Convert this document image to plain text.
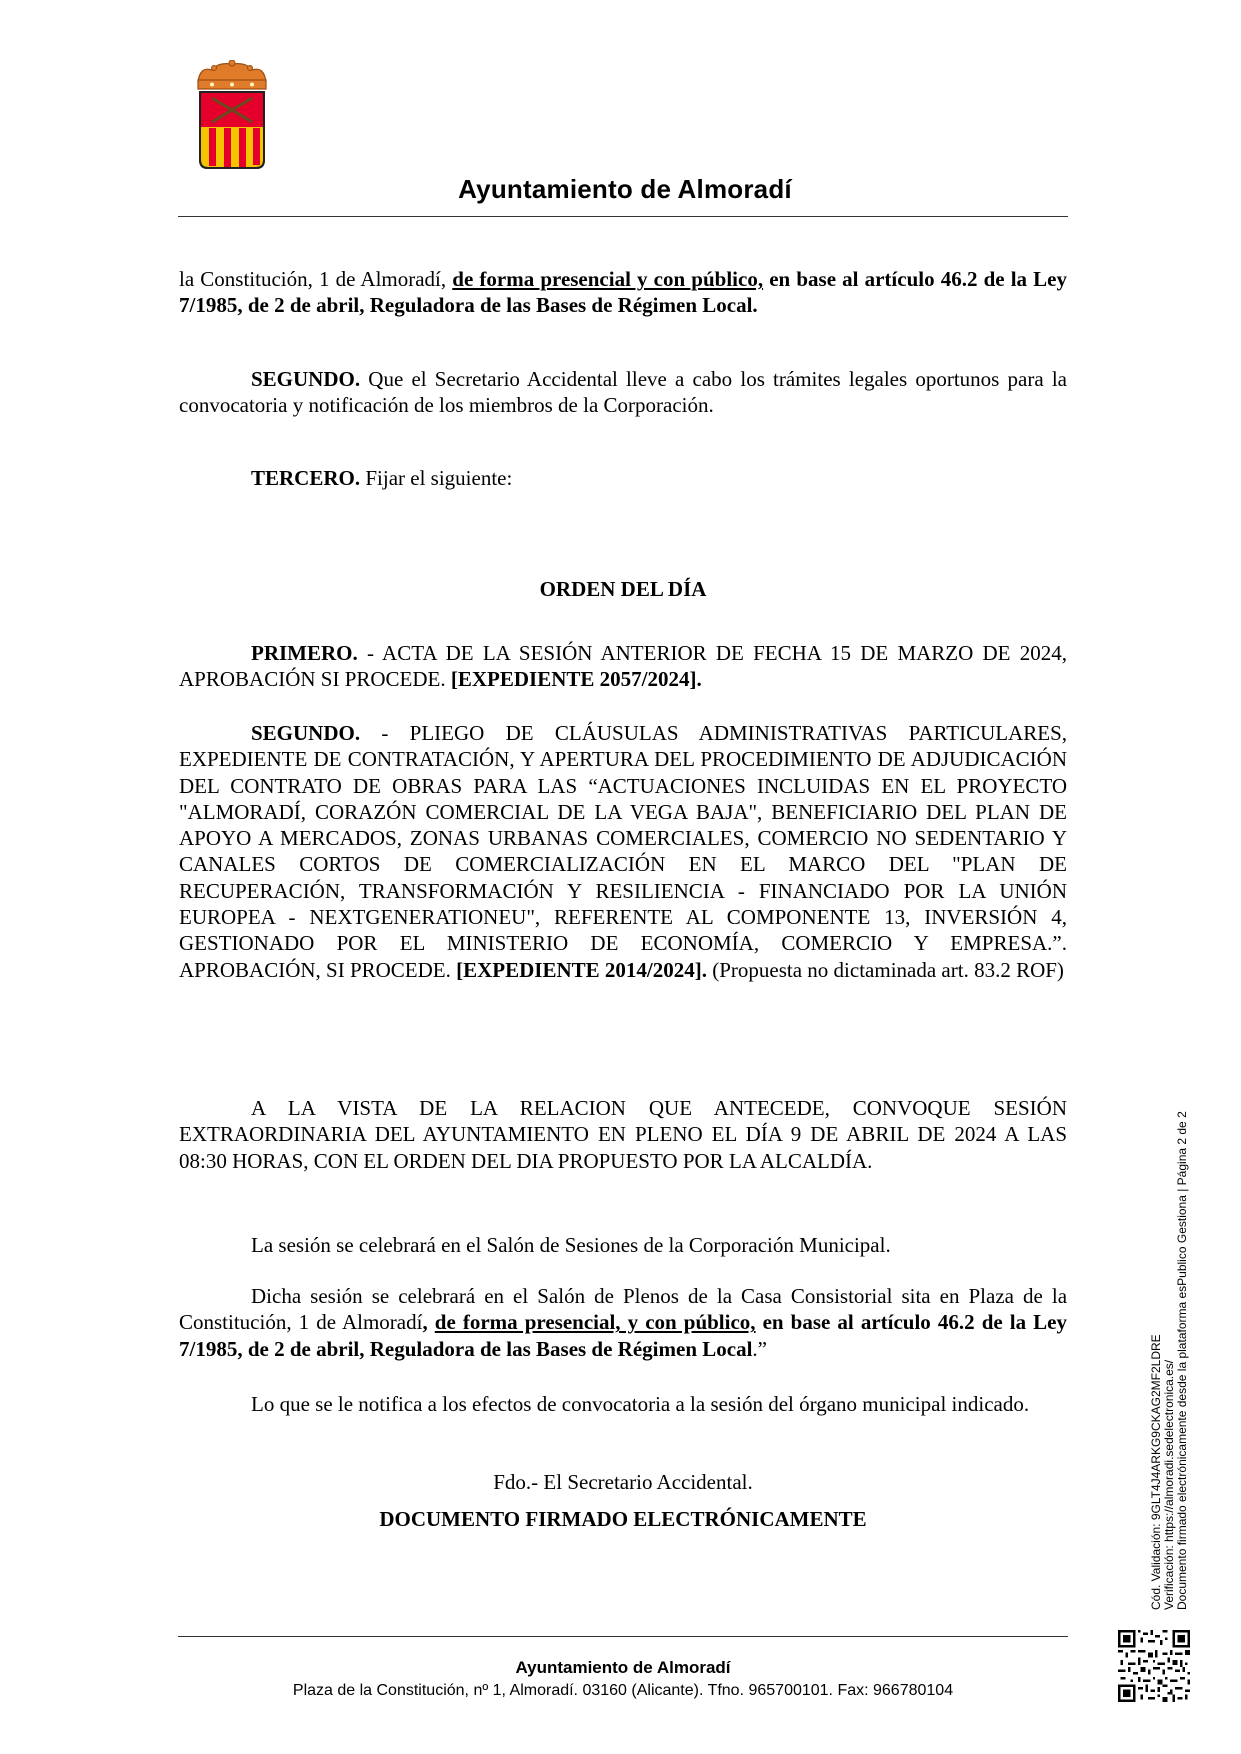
Ayuntamiento de Almoradí

la Constitución, 1 de Almoradí, de forma presencial y con público, en base al artículo 46.2 de la Ley 7/1985, de 2 de abril, Reguladora de las Bases de Régimen Local.

SEGUNDO. Que el Secretario Accidental lleve a cabo los trámites legales oportunos para la convocatoria y notificación de los miembros de la Corporación.

TERCERO. Fijar el siguiente:

ORDEN DEL DÍA

PRIMERO. - ACTA DE LA SESIÓN ANTERIOR DE FECHA 15 DE MARZO DE 2024, APROBACIÓN SI PROCEDE. [EXPEDIENTE 2057/2024].

SEGUNDO. - PLIEGO DE CLÁUSULAS ADMINISTRATIVAS PARTICULARES, EXPEDIENTE DE CONTRATACIÓN, Y APERTURA DEL PROCEDIMIENTO DE ADJUDICACIÓN DEL CONTRATO DE OBRAS PARA LAS “ACTUACIONES INCLUIDAS EN EL PROYECTO "ALMORADÍ, CORAZÓN COMERCIAL DE LA VEGA BAJA", BENEFICIARIO DEL PLAN DE APOYO A MERCADOS, ZONAS URBANAS COMERCIALES, COMERCIO NO SEDENTARIO Y CANALES CORTOS DE COMERCIALIZACIÓN EN EL MARCO DEL "PLAN DE RECUPERACIÓN, TRANSFORMACIÓN Y RESILIENCIA - FINANCIADO POR LA UNIÓN EUROPEA - NEXTGENERATIONEU", REFERENTE AL COMPONENTE 13, INVERSIÓN 4, GESTIONADO POR EL MINISTERIO DE ECONOMÍA, COMERCIO Y EMPRESA.”. APROBACIÓN, SI PROCEDE. [EXPEDIENTE 2014/2024]. (Propuesta no dictaminada art. 83.2 ROF)

A LA VISTA DE LA RELACION QUE ANTECEDE, CONVOQUE SESIÓN EXTRAORDINARIA DEL AYUNTAMIENTO EN PLENO EL DÍA 9 DE ABRIL DE 2024 A LAS 08:30 HORAS, CON EL ORDEN DEL DIA PROPUESTO POR LA ALCALDÍA.

La sesión se celebrará en el Salón de Sesiones de la Corporación Municipal.

Dicha sesión se celebrará en el Salón de Plenos de la Casa Consistorial sita en Plaza de la Constitución, 1 de Almoradí, de forma presencial, y con público, en base al artículo 46.2 de la Ley 7/1985, de 2 de abril, Reguladora de las Bases de Régimen Local.”

Lo que se le notifica a los efectos de convocatoria a la sesión del órgano municipal indicado.

Fdo.- El Secretario Accidental.

DOCUMENTO FIRMADO ELECTRÓNICAMENTE

Ayuntamiento de Almoradí
Plaza de la Constitución, nº 1, Almoradí. 03160 (Alicante). Tfno. 965700101. Fax: 966780104
Cód. Validación: 9GLT4J4ARKG9CKAG2MF2LDRE Verificación: https://almoradi.sedelectronica.es/ Documento firmado electrónicamente desde la plataforma esPublico Gestiona | Página 2 de 2
